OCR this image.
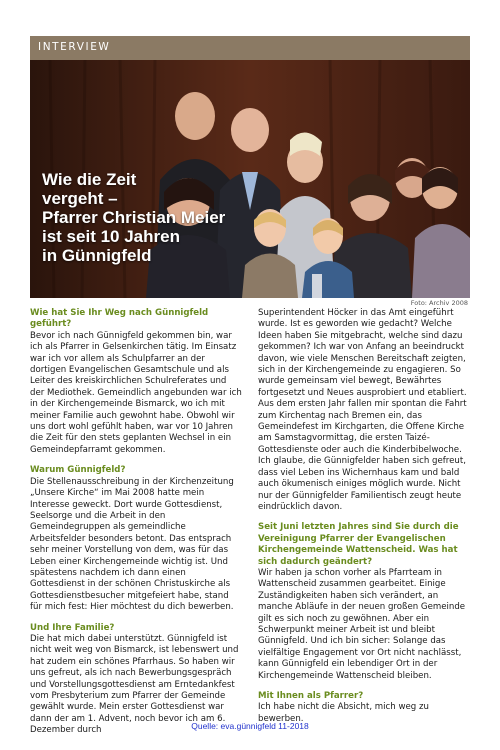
INTERVIEW
Wie die Zeit
vergeht –
Pfarrer Christian Meier
ist seit 10 Jahren
in Günnigfeld
Foto: Archiv 2008
Wie hat Sie Ihr Weg nach Günnigfeld geführt?
Bevor ich nach Günnigfeld gekommen bin, war ich als Pfarrer in Gelsenkirchen tätig. Im Einsatz war ich vor allem als Schulpfarrer an der dortigen Evangelischen Gesamtschule und als Leiter des kreiskirchlichen Schulreferates und der Mediothek. Gemeindlich angebunden war ich in der Kirchengemeinde Bismarck, wo ich mit meiner Familie auch gewohnt habe. Obwohl wir uns dort wohl gefühlt haben, war vor 10 Jahren die Zeit für den stets geplanten Wechsel in ein Gemeindepfarramt gekommen.
Warum Günnigfeld?
Die Stellenausschreibung in der Kirchenzeitung „Unsere Kirche“ im Mai 2008 hatte mein Interesse geweckt. Dort wurde Gottesdienst, Seelsorge und die Arbeit in den Gemeindegruppen als gemeindliche Arbeitsfelder besonders betont. Das entsprach sehr meiner Vorstellung von dem, was für das Leben einer Kirchengemeinde wichtig ist. Und spätestens nachdem ich dann einen Gottesdienst in der schönen Christuskirche als Gottesdienstbesucher mitgefeiert habe, stand für mich fest: Hier möchtest du dich bewerben.
Und Ihre Familie?
Die hat mich dabei unterstützt. Günnigfeld ist nicht weit weg von Bismarck, ist lebenswert und hat zudem ein schönes Pfarrhaus. So haben wir uns gefreut, als ich nach Bewerbungsgespräch und Vorstellungsgottesdienst am Erntedankfest vom Presbyterium zum Pfarrer der Gemeinde gewählt wurde. Mein erster Gottesdienst war dann der am 1. Advent, noch bevor ich am 6. Dezember durch
Superintendent Höcker in das Amt eingeführt wurde. Ist es geworden wie gedacht? Welche Ideen haben Sie mitgebracht, welche sind dazu gekommen? Ich war von Anfang an beeindruckt davon, wie viele Menschen Bereitschaft zeigten, sich in der Kirchengemeinde zu engagieren. So wurde gemeinsam viel bewegt, Bewährtes fortgesetzt und Neues ausprobiert und etabliert. Aus dem ersten Jahr fallen mir spontan die Fahrt zum Kirchentag nach Bremen ein, das Gemeindefest im Kirchgarten, die Offene Kirche am Samstagvormittag, die ersten Taizé-Gottesdienste oder auch die Kinderbibelwoche. Ich glaube, die Günnigfelder haben sich gefreut, dass viel Leben ins Wichernhaus kam und bald auch ökumenisch einiges möglich wurde. Nicht nur der Günnigfelder Familientisch zeugt heute eindrücklich davon.
Seit Juni letzten Jahres sind Sie durch die Vereinigung Pfarrer der Evangelischen Kirchengemeinde Wattenscheid. Was hat sich dadurch geändert?
Wir haben ja schon vorher als Pfarrteam in Wattenscheid zusammen gearbeitet. Einige Zuständigkeiten haben sich verändert, an manche Abläufe in der neuen großen Gemeinde gilt es sich noch zu gewöhnen. Aber ein Schwerpunkt meiner Arbeit ist und bleibt Günnigfeld. Und ich bin sicher: Solange das vielfältige Engagement vor Ort nicht nachlässt, kann Günnigfeld ein lebendiger Ort in der Kirchengemeinde Wattenscheid bleiben.
Mit Ihnen als Pfarrer?
Ich habe nicht die Absicht, mich weg zu bewerben.
Quelle: eva.günnigfeld 11-2018
